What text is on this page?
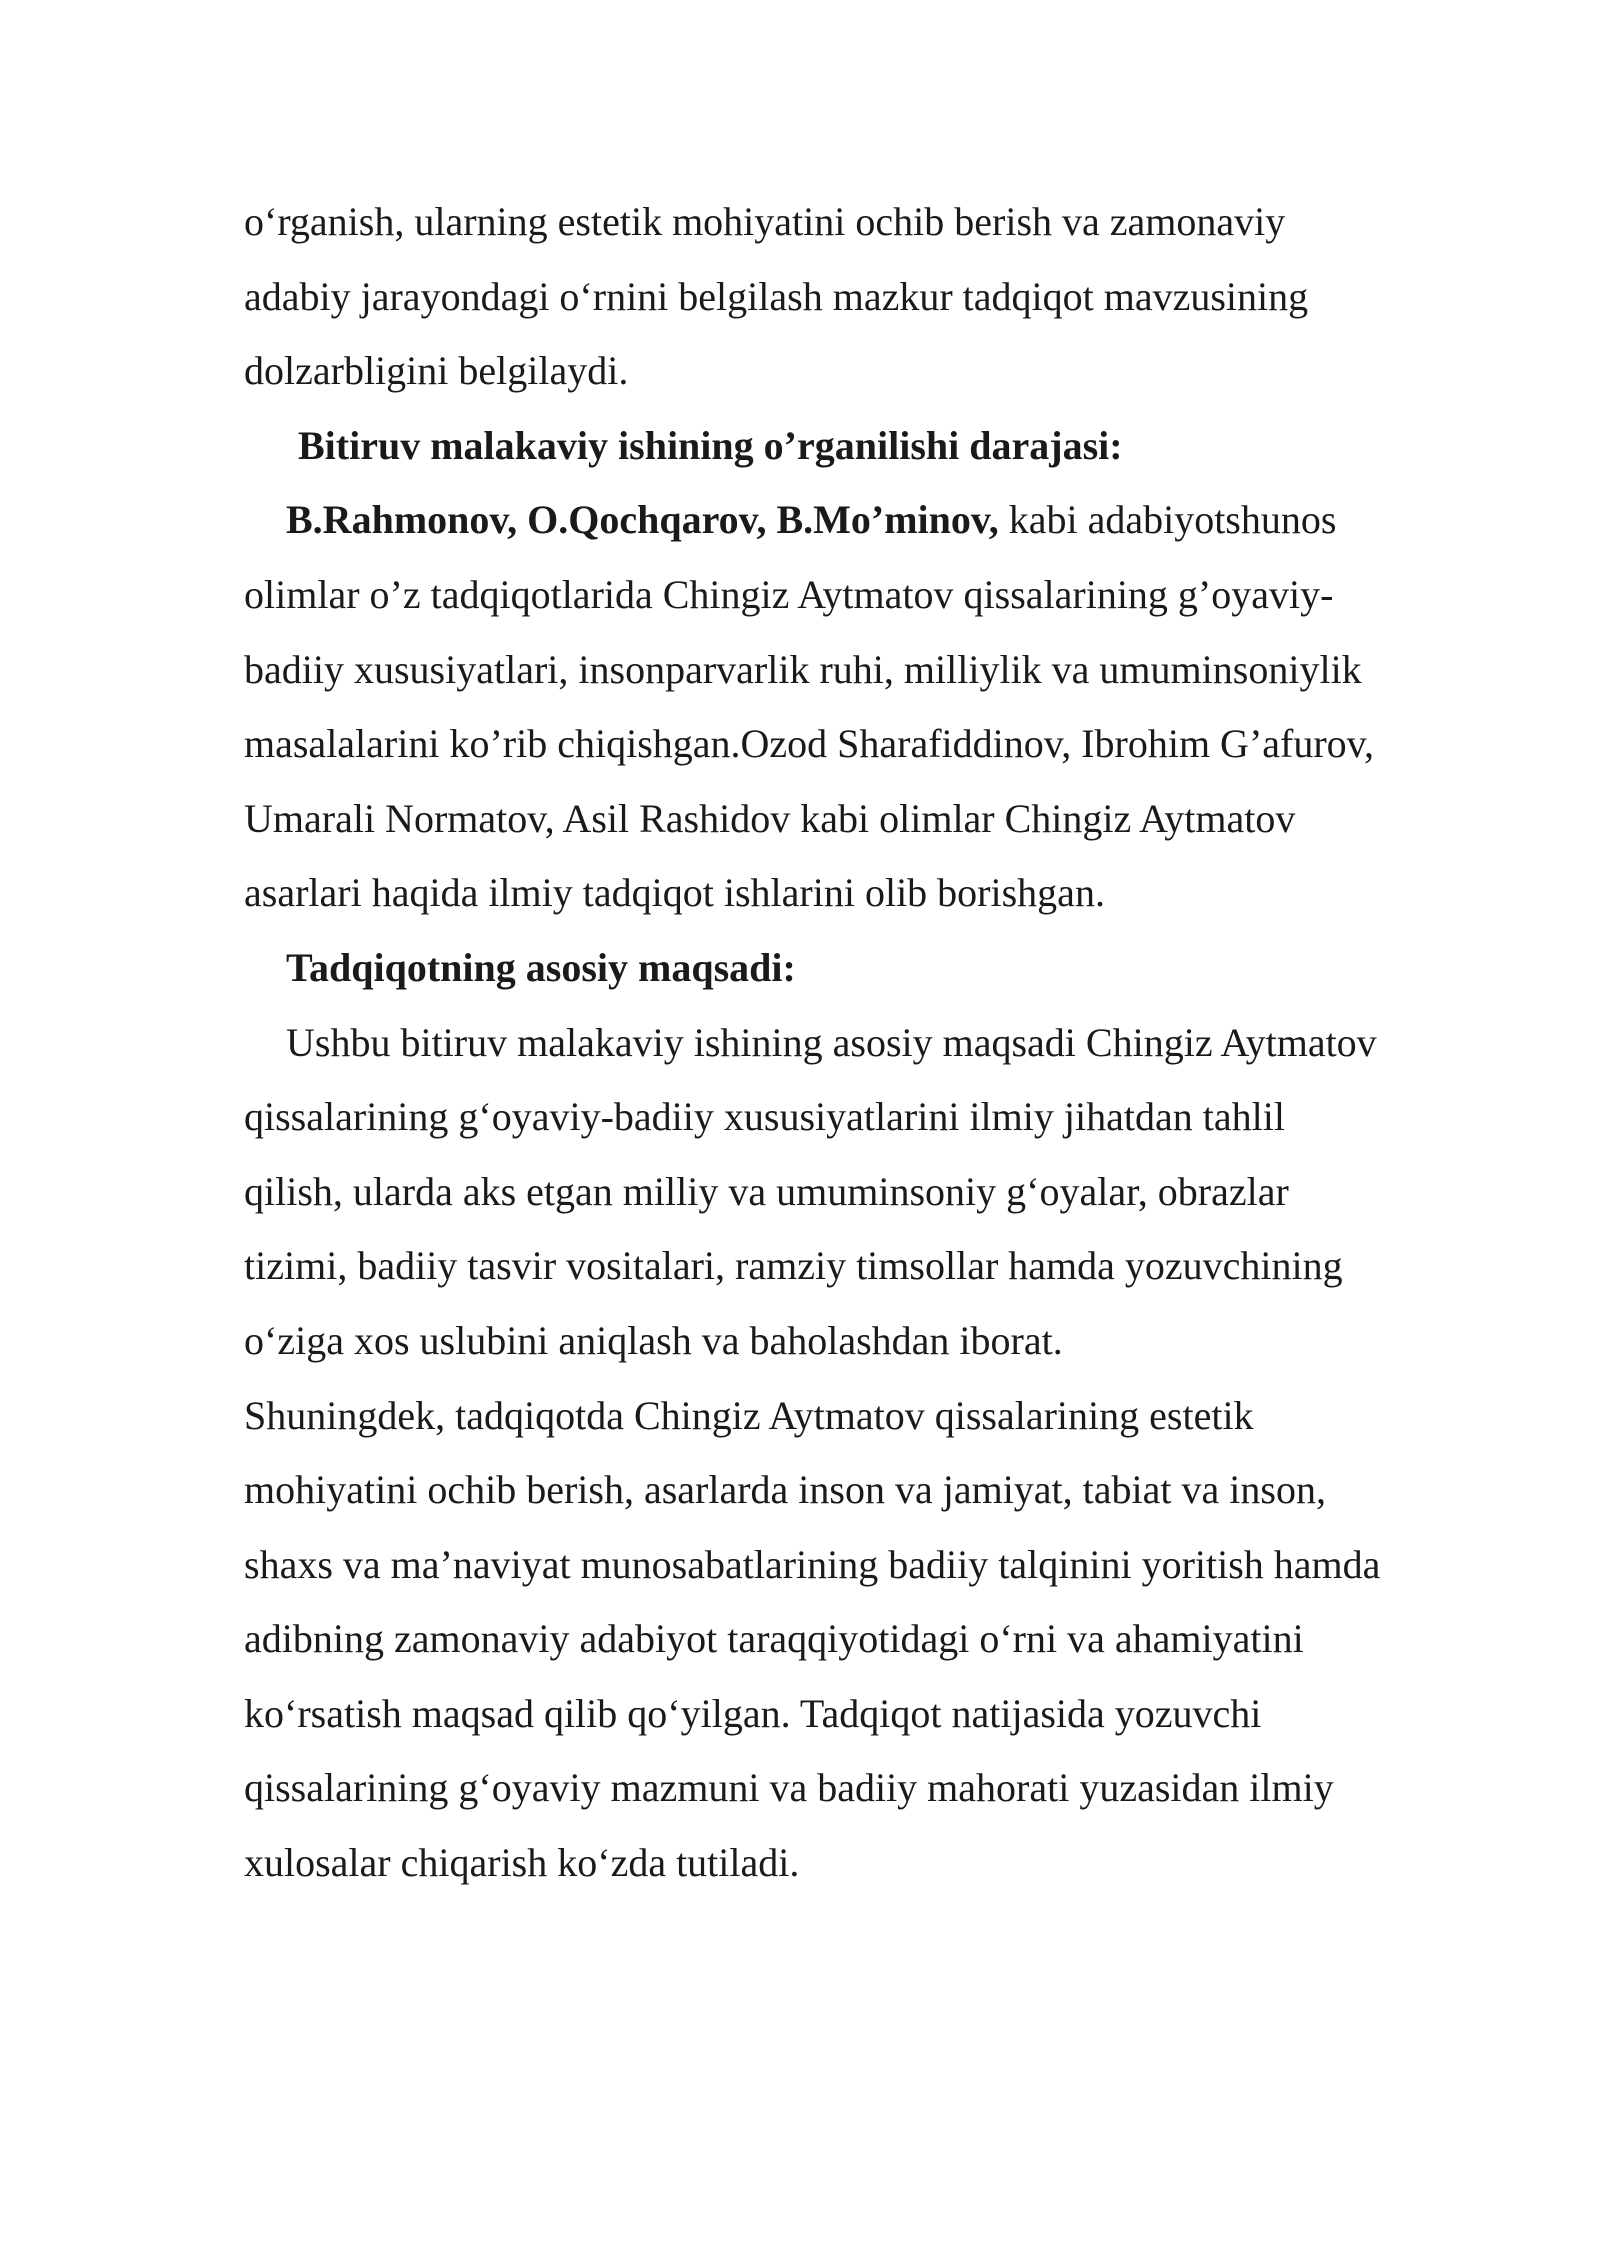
o‘rganish, ularning estetik mohiyatini ochib berish va zamonaviy adabiy jarayondagi o‘rnini belgilash mazkur tadqiqot mavzusining dolzarbligini belgilaydi.

Bitiruv malakaviy ishining o’rganilishi darajasi:

B.Rahmonov, O.Qochqarov, B.Mo’minov, kabi adabiyotshunos olimlar o’z tadqiqotlarida Chingiz Aytmatov qissalarining g’oyaviy- badiiy xususiyatlari, insonparvarlik ruhi, milliylik va umuminsoniylik masalalarini ko’rib chiqishgan.Ozod Sharafiddinov, Ibrohim G’afurov, Umarali Normatov, Asil Rashidov kabi olimlar Chingiz Aytmatov asarlari haqida ilmiy tadqiqot ishlarini olib borishgan.

Tadqiqotning asosiy maqsadi:

Ushbu bitiruv malakaviy ishining asosiy maqsadi Chingiz Aytmatov qissalarining g‘oyaviy-badiiy xususiyatlarini ilmiy jihatdan tahlil qilish, ularda aks etgan milliy va umuminsoniy g‘oyalar, obrazlar tizimi, badiiy tasvir vositalari, ramziy timsollar hamda yozuvchining o‘ziga xos uslubini aniqlash va baholashdan iborat.

Shuningdek, tadqiqotda Chingiz Aytmatov qissalarining estetik mohiyatini ochib berish, asarlarda inson va jamiyat, tabiat va inson, shaxs va ma’naviyat munosabatlarining badiiy talqinini yoritish hamda adibning zamonaviy adabiyot taraqqiyotidagi o‘rni va ahamiyatini ko‘rsatish maqsad qilib qo‘yilgan. Tadqiqot natijasida yozuvchi qissalarining g‘oyaviy mazmuni va badiiy mahorati yuzasidan ilmiy xulosalar chiqarish ko‘zda tutiladi.
